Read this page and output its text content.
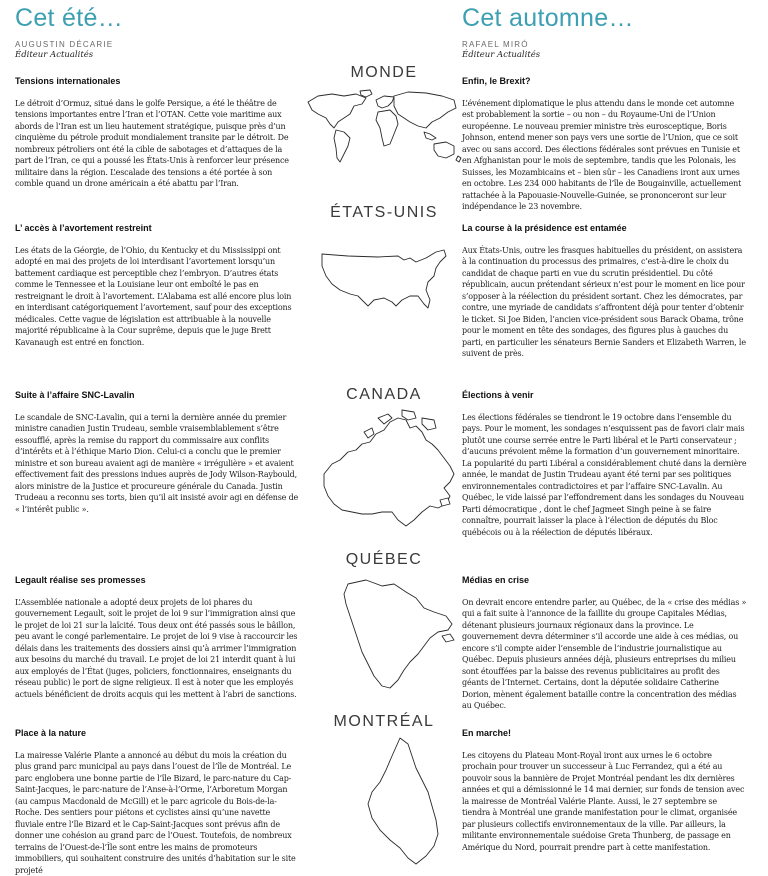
Cet été…
AUGUSTIN DÉCARIE
Éditeur Actualités
Cet automne…
RAFAEL MIRÓ
Éditeur Actualités
Tensions internationales

Le détroit d’Ormuz, situé dans le golfe Persique, a été le théâtre de tensions importantes entre l’Iran et l’OTAN. Cette voie maritime aux abords de l’Iran est un lieu hautement stratégique, puisque près d’un cinquième du pétrole produit mondialement transite par le détroit. De nombreux pétroliers ont été la cible de sabotages et d’attaques de la part de l’Iran, ce qui a poussé les États-Unis à renforcer leur présence militaire dans la région. L’escalade des tensions a été portée à son comble quand un drone américain a été abattu par l’Iran.

L’ accès à l’avortement restreint

Les états de la Géorgie, de l’Ohio, du Kentucky et du Mississippi ont adopté en mai des projets de loi interdisant l’avortement lorsqu’un battement cardiaque est perceptible chez l’embryon. D’autres états comme le Tennessee et la Louisiane leur ont emboîté le pas en restreignant le droit à l’avortement. L’Alabama est allé encore plus loin en interdisant catégoriquement l’avortement, sauf pour des exceptions médicales. Cette vague de législation est attribuable à la nouvelle majorité républicaine à la Cour suprême, depuis que le juge Brett Kavanaugh est entré en fonction.

Suite à l’affaire SNC-Lavalin

Le scandale de SNC-Lavalin, qui a terni la dernière année du premier ministre canadien Justin Trudeau, semble vraisemblablement s’être essoufflé, après la remise du rapport du commissaire aux conflits d’intérêts et à l’éthique Mario Dion. Celui-ci a conclu que le premier ministre et son bureau avaient agi de manière « irrégulière » et avaient effectivement fait des pressions indues auprès de Jody Wilson-Raybould, alors ministre de la Justice et procureure générale du Canada. Justin Trudeau a reconnu ses torts, bien qu’il ait insisté avoir agi en défense de « l’intérêt public ».

Legault réalise ses promesses

L’Assemblée nationale a adopté deux projets de loi phares du gouvernement Legault, soit le projet de loi 9 sur l’immigration ainsi que le projet de loi 21 sur la laïcité. Tous deux ont été passés sous le bâillon, peu avant le congé parlementaire. Le projet de loi 9 vise à raccourcir les délais dans les traitements des dossiers ainsi qu’à arrimer l’immigration aux besoins du marché du travail. Le projet de loi 21 interdit quant à lui aux employés de l’État (juges, policiers, fonctionnaires, enseignants du réseau public) le port de signe religieux. Il est à noter que les employés actuels bénéficient de droits acquis qui les mettent à l’abri de sanctions.

Place à la nature

La mairesse Valérie Plante a annoncé au début du mois la création du plus grand parc municipal au pays dans l’ouest de l’île de Montréal. Le parc englobera une bonne partie de l’île Bizard, le parc-nature du Cap-Saint-Jacques, le parc-nature de l’Anse-à-l’Orme, l’Arboretum Morgan (au campus Macdonald de McGill) et le parc agricole du Bois-de-la-Roche. Des sentiers pour piétons et cyclistes ainsi qu’une navette fluviale entre l’île Bizard et le Cap-Saint-Jacques sont prévus afin de donner une cohésion au grand parc de l’Ouest. Toutefois, de nombreux terrains de l’Ouest-de-l’Île sont entre les mains de promoteurs immobiliers, qui souhaitent construire des unités d’habitation sur le site projeté

Enfin, le Brexit?

L’événement diplomatique le plus attendu dans le monde cet automne est probablement la sortie – ou non – du Royaume-Uni de l’Union européenne. Le nouveau premier ministre très eurosceptique, Boris Johnson, entend mener son pays vers une sortie de l’Union, que ce soit avec ou sans accord. Des élections fédérales sont prévues en Tunisie et en Afghanistan pour le mois de septembre, tandis que les Polonais, les Suisses, les Mozambicains et – bien sûr – les Canadiens iront aux urnes en octobre. Les 234 000 habitants de l’île de Bougainville, actuellement rattachée à la Papouasie-Nouvelle-Guinée, se prononceront sur leur indépendance le 23 novembre.

La course à la présidence est entamée

Aux États-Unis, outre les frasques habituelles du président, on assistera à la continuation du processus des primaires, c’est-à-dire le choix du candidat de chaque parti en vue du scrutin présidentiel. Du côté républicain, aucun prétendant sérieux n’est pour le moment en lice pour s’opposer à la réélection du président sortant. Chez les démocrates, par contre, une myriade de candidats s’affrontent déjà pour tenter d’obtenir le ticket. Si Joe Biden, l’ancien vice-président sous Barack Obama, trône pour le moment en tête des sondages, des figures plus à gauches du parti, en particulier les sénateurs Bernie Sanders et Elizabeth Warren, le suivent de près.

Élections à venir

Les élections fédérales se tiendront le 19 octobre dans l’ensemble du pays. Pour le moment, les sondages n’esquissent pas de favori clair mais plutôt une course serrée entre le Parti libéral et le Parti conservateur ; d’aucuns prévoient même la formation d’un gouvernement minoritaire. La popularité du parti Libéral a considérablement chuté dans la dernière année, le mandat de Justin Trudeau ayant été terni par ses politiques environnementales contradictoires et par l’affaire SNC-Lavalin. Au Québec, le vide laissé par l’effondrement dans les sondages du Nouveau Parti démocratique , dont le chef Jagmeet Singh peine à se faire connaître, pourrait laisser la place à l’élection de députés du Bloc québécois ou à la réélection de députés libéraux.

Médias en crise

On devrait encore entendre parler, au Québec, de la « crise des médias » qui a fait suite à l’annonce de la faillite du groupe Capitales Médias, détenant plusieurs journaux régionaux dans la province. Le gouvernement devra déterminer s’il accorde une aide à ces médias, ou encore s’il compte aider l’ensemble de l’industrie journalistique au Québec. Depuis plusieurs années déjà, plusieurs entreprises du milieu sont étouffées par la baisse des revenus publicitaires au profit des géants de l’Internet. Certains, dont la députée solidaire Catherine Dorion, mènent également bataille contre la concentration des médias au Québec.

En marche!

Les citoyens du Plateau Mont-Royal iront aux urnes le 6 octobre prochain pour trouver un successeur à Luc Ferrandez, qui a été au pouvoir sous la bannière de Projet Montréal pendant les dix dernières années et qui a démissionné le 14 mai dernier, sur fonds de tension avec la mairesse de Montréal Valérie Plante. Aussi, le 27 septembre se tiendra à Montréal une grande manifestation pour le climat, organisée par plusieurs collectifs environnementaux de la ville. Par ailleurs, la militante environnementale suédoise Greta Thunberg, de passage en Amérique du Nord, pourrait prendre part à cette manifestation.

MONDE
ÉTATS-UNIS
CANADA
QUÉBEC
MONTRÉAL
